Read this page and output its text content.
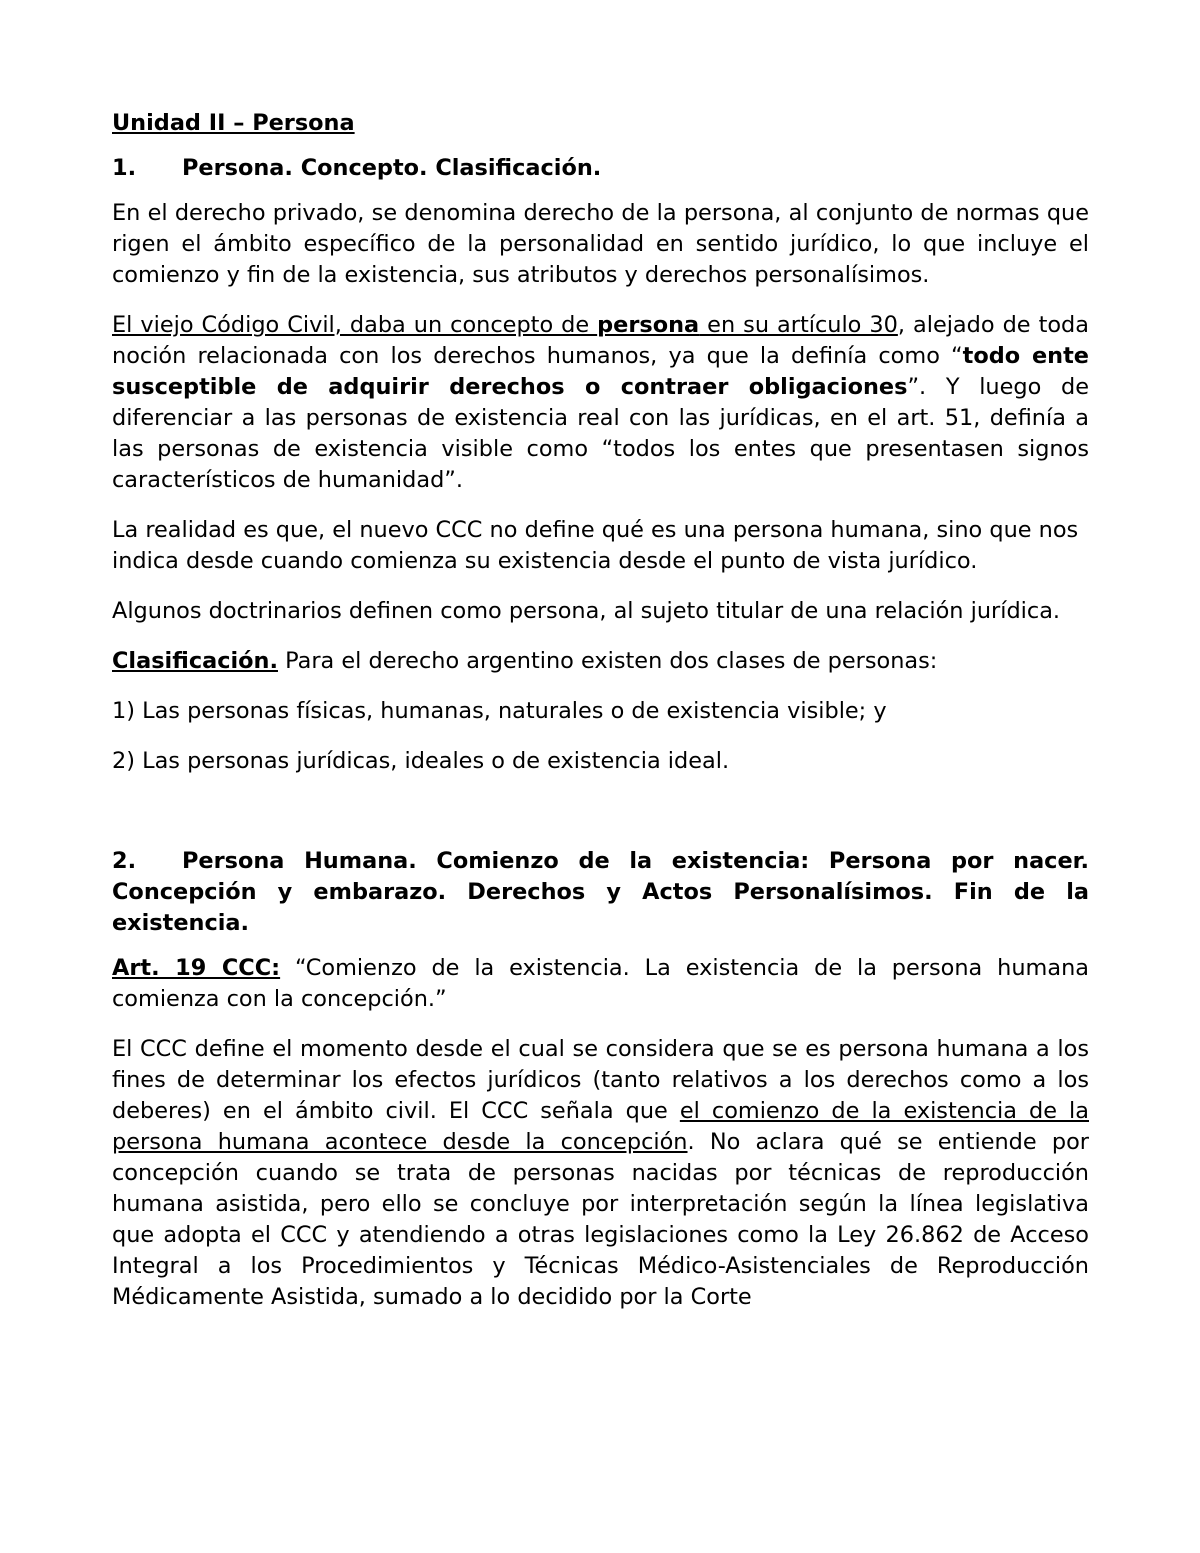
Unidad II – Persona

1. Persona. Concepto. Clasificación.

En el derecho privado, se denomina derecho de la persona, al conjunto de normas que rigen el ámbito específico de la personalidad en sentido jurídico, lo que incluye el comienzo y fin de la existencia, sus atributos y derechos personalísimos.

El viejo Código Civil, daba un concepto de persona en su artículo 30, alejado de toda noción relacionada con los derechos humanos, ya que la definía como “todo ente susceptible de adquirir derechos o contraer obligaciones”. Y luego de diferenciar a las personas de existencia real con las jurídicas, en el art. 51, definía a las personas de existencia visible como “todos los entes que presentasen signos característicos de humanidad”.

La realidad es que, el nuevo CCC no define qué es una persona humana, sino que nos indica desde cuando comienza su existencia desde el punto de vista jurídico.

Algunos doctrinarios definen como persona, al sujeto titular de una relación jurídica.

Clasificación. Para el derecho argentino existen dos clases de personas:

1) Las personas físicas, humanas, naturales o de existencia visible; y

2) Las personas jurídicas, ideales o de existencia ideal.

2. Persona Humana. Comienzo de la existencia: Persona por nacer. Concepción y embarazo. Derechos y Actos Personalísimos. Fin de la existencia.

Art. 19 CCC: “Comienzo de la existencia. La existencia de la persona humana comienza con la concepción.”

El CCC define el momento desde el cual se considera que se es persona humana a los fines de determinar los efectos jurídicos (tanto relativos a los derechos como a los deberes) en el ámbito civil. El CCC señala que el comienzo de la existencia de la persona humana acontece desde la concepción. No aclara qué se entiende por concepción cuando se trata de personas nacidas por técnicas de reproducción humana asistida, pero ello se concluye por interpretación según la línea legislativa que adopta el CCC y atendiendo a otras legislaciones como la Ley 26.862 de Acceso Integral a los Procedimientos y Técnicas Médico-Asistenciales de Reproducción Médicamente Asistida, sumado a lo decidido por la Corte
